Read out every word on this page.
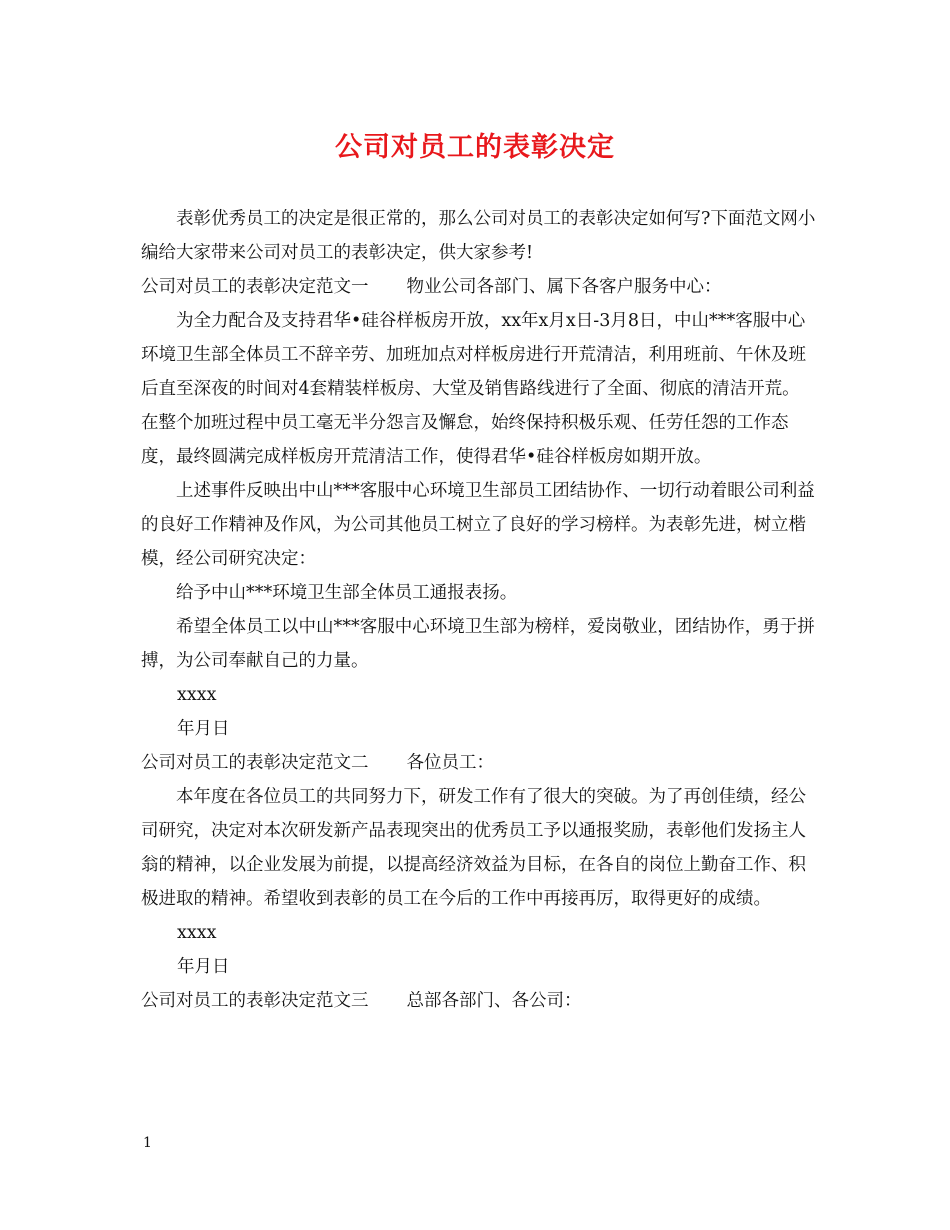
公司对员工的表彰决定

表彰优秀员工的决定是很正常的，那么公司对员工的表彰决定如何写?下面范文网小编给大家带来公司对员工的表彰决定，供大家参考!

公司对员工的表彰决定范文一 物业公司各部门、属下各客户服务中心：

为全力配合及支持君华•硅谷样板房开放，xx年x月x日-3月8日，中山***客服中心环境卫生部全体员工不辞辛劳、加班加点对样板房进行开荒清洁，利用班前、午休及班后直至深夜的时间对4套精装样板房、大堂及销售路线进行了全面、彻底的清洁开荒。在整个加班过程中员工毫无半分怨言及懈怠，始终保持积极乐观、任劳任怨的工作态度，最终圆满完成样板房开荒清洁工作，使得君华•硅谷样板房如期开放。

上述事件反映出中山***客服中心环境卫生部员工团结协作、一切行动着眼公司利益的良好工作精神及作风，为公司其他员工树立了良好的学习榜样。为表彰先进，树立楷模，经公司研究决定：

给予中山***环境卫生部全体员工通报表扬。

希望全体员工以中山***客服中心环境卫生部为榜样，爱岗敬业，团结协作，勇于拼搏，为公司奉献自己的力量。

xxxx

年月日

公司对员工的表彰决定范文二 各位员工：

本年度在各位员工的共同努力下，研发工作有了很大的突破。为了再创佳绩，经公司研究，决定对本次研发新产品表现突出的优秀员工予以通报奖励，表彰他们发扬主人翁的精神，以企业发展为前提，以提高经济效益为目标，在各自的岗位上勤奋工作、积极进取的精神。希望收到表彰的员工在今后的工作中再接再厉，取得更好的成绩。

xxxx

年月日

公司对员工的表彰决定范文三 总部各部门、各公司：
1
